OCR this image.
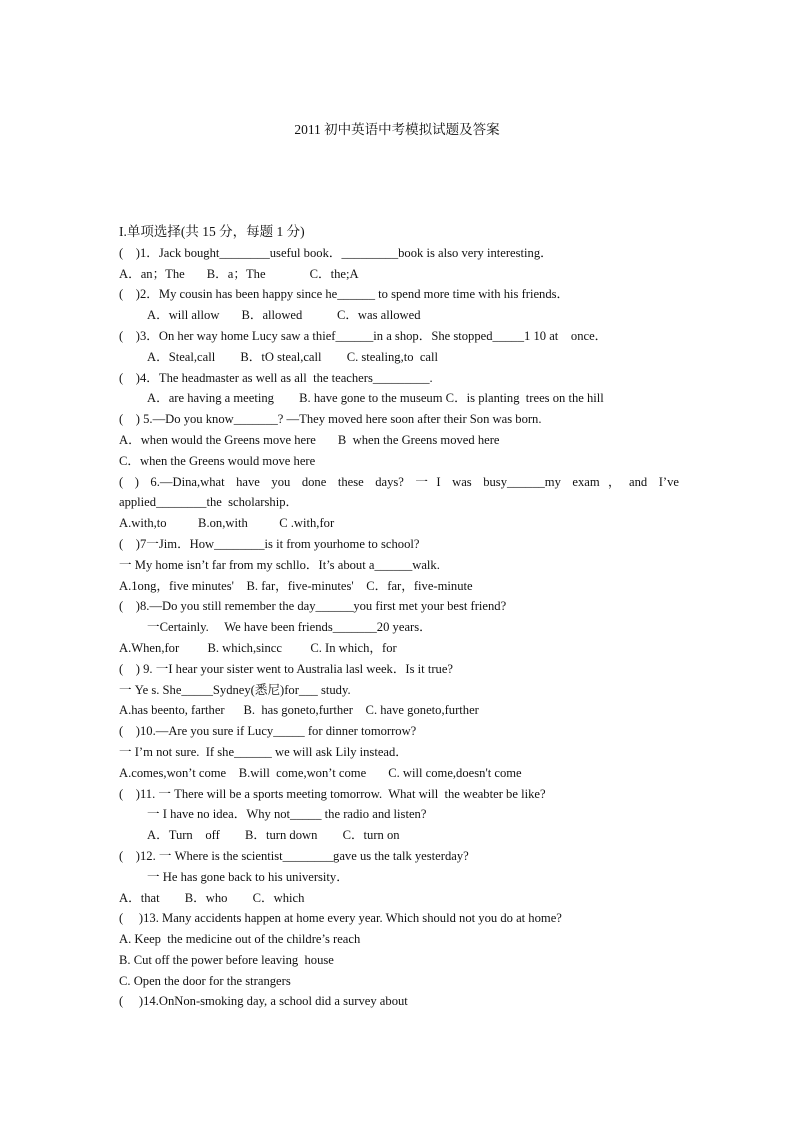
2011 初中英语中考模拟试题及答案
I.单项选择(共 15 分，每题 1 分)
(    )1．Jack bought________useful book．_________book is also very interesting．
A．an；The       B．a；The              C．the;A
(    )2．My cousin has been happy since he______ to spend more time with his friends．
A．will allow       B．allowed           C．was allowed
(    )3．On her way home Lucy saw a thief______in a shop．She stopped_____1 10 at    once．
A．Steal,call        B．tO steal,call        C. stealing,to  call
(    )4．The headmaster as well as all  the teachers_________.
A．are having a meeting        B. have gone to the museum C．is planting  trees on the hill
(    ) 5.—Do you know_______? —They moved here soon after their Son was born.
A．when would the Greens move here       B  when the Greens moved here
C．when the Greens would move here
( ) 6.—Dina,what have you done these days? 一I was busy______my exam，and I’ve
applied________the  scholarship．
A.with,to          B.on,with          C .with,for
(    )7一Jim．How________is it from yourhome to school?
一 My home isn’t far from my schllo．It’s about a______walk.
A.1ong，five minutes'    B. far，five-minutes'    C．far，five-minute
(    )8.—Do you still remember the day______you first met your best friend?
一Certainly.     We have been friends_______20 years．
A.When,for         B. which,sincc         C. In which，for
(    ) 9. 一I hear your sister went to Australia lasl week．Is it true?
一 Ye s. She_____Sydney(悉尼)for___ study.
A.has beento, farther      B.  has goneto,further    C. have goneto,further
(    )10.—Are you sure if Lucy_____ for dinner tomorrow?
一 I’m not sure.  If she______ we will ask Lily instead．
A.comes,won’t come    B.will  come,won’t come       C. will come,doesn't come
(    )11. 一 There will be a sports meeting tomorrow.  What will  the weabter be like?
一 I have no idea．Why not_____ the radio and listen?
A．Turn    off        B．turn down        C．turn on
(    )12. 一 Where is the scientist________gave us the talk yesterday?
一 He has gone back to his university．
A．that        B．who        C．which
(     )13. Many accidents happen at home every year. Which should not you do at home?
A. Keep  the medicine out of the childre’s reach
B. Cut off the power before leaving  house
C. Open the door for the strangers
(     )14.OnNon-smoking day, a school did a survey about
